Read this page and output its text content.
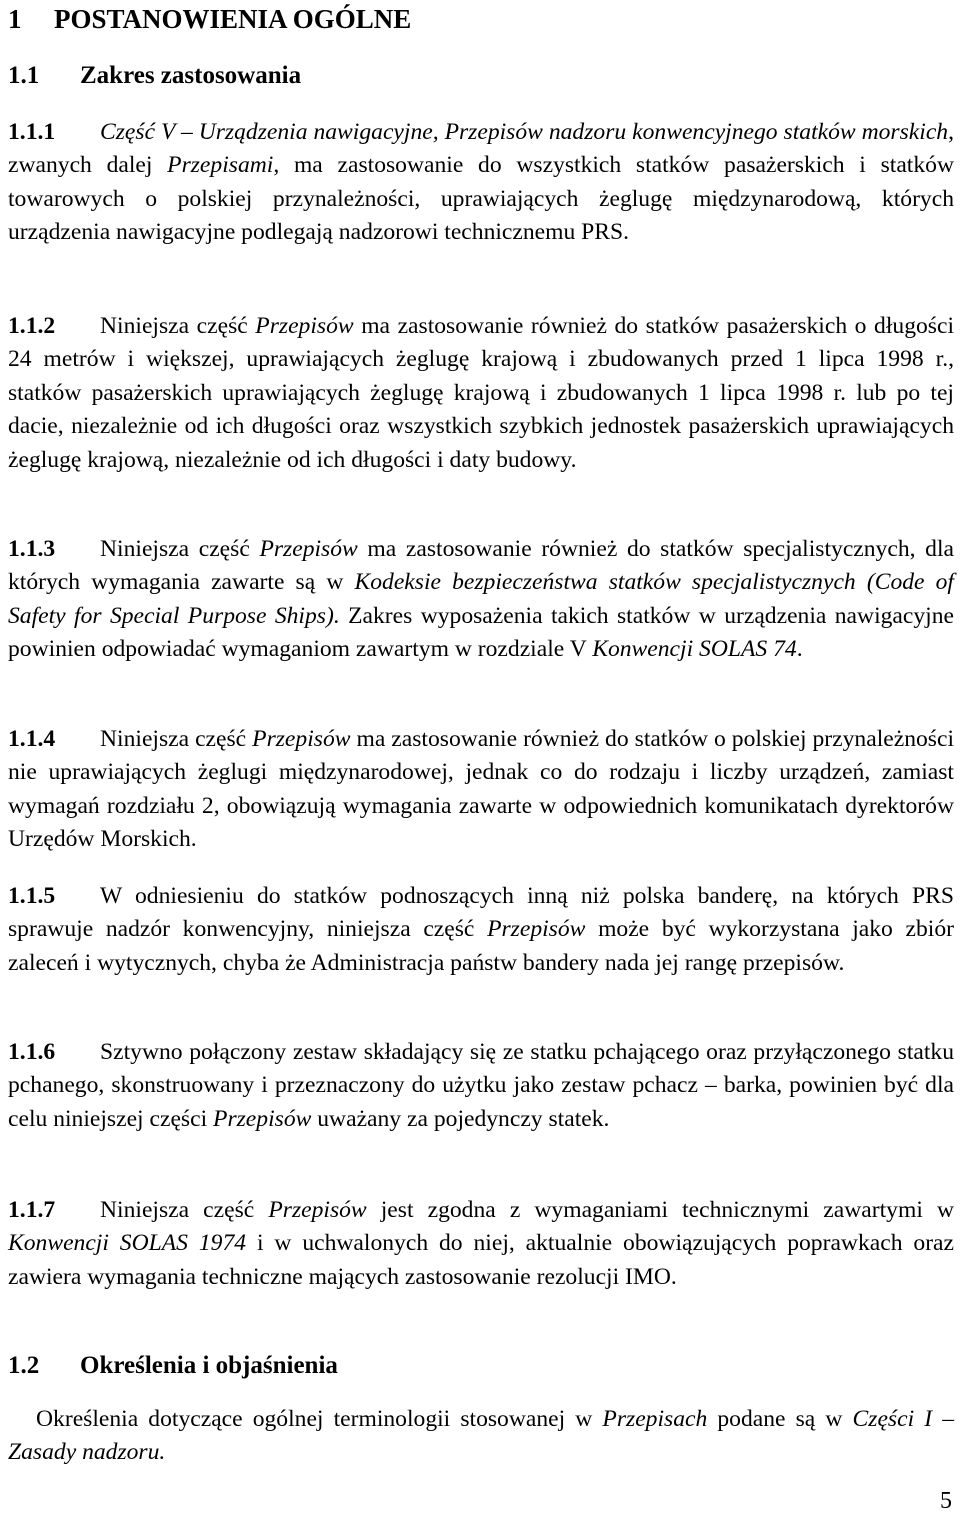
1 POSTANOWIENIA OGÓLNE
1.1 Zakres zastosowania
1.1.1 Część V – Urządzenia nawigacyjne, Przepisów nadzoru konwencyjnego statków morskich, zwanych dalej Przepisami, ma zastosowanie do wszystkich statków pasażerskich i statków towarowych o polskiej przynależności, uprawiających żeglugę międzynarodową, których urządzenia nawigacyjne podlegają nadzorowi technicznemu PRS.
1.1.2 Niniejsza część Przepisów ma zastosowanie również do statków pasażerskich o długości 24 metrów i większej, uprawiających żeglugę krajową i zbudowanych przed 1 lipca 1998 r., statków pasażerskich uprawiających żeglugę krajową i zbudowanych 1 lipca 1998 r. lub po tej dacie, niezależnie od ich długości oraz wszystkich szybkich jednostek pasażerskich uprawiających żeglugę krajową, niezależnie od ich długości i daty budowy.
1.1.3 Niniejsza część Przepisów ma zastosowanie również do statków specjalistycznych, dla których wymagania zawarte są w Kodeksie bezpieczeństwa statków specjalistycznych (Code of Safety for Special Purpose Ships). Zakres wyposażenia takich statków w urządzenia nawigacyjne powinien odpowiadać wymaganiom zawartym w rozdziale V Konwencji SOLAS 74.
1.1.4 Niniejsza część Przepisów ma zastosowanie również do statków o polskiej przynależności nie uprawiających żeglugi międzynarodowej, jednak co do rodzaju i liczby urządzeń, zamiast wymagań rozdziału 2, obowiązują wymagania zawarte w odpowiednich komunikatach dyrektorów Urzędów Morskich.
1.1.5 W odniesieniu do statków podnoszących inną niż polska banderę, na których PRS sprawuje nadzór konwencyjny, niniejsza część Przepisów może być wykorzystana jako zbiór zaleceń i wytycznych, chyba że Administracja państw bandery nada jej rangę przepisów.
1.1.6 Sztywno połączony zestaw składający się ze statku pchającego oraz przyłączonego statku pchanego, skonstruowany i przeznaczony do użytku jako zestaw pchacz – barka, powinien być dla celu niniejszej części Przepisów uważany za pojedynczy statek.
1.1.7 Niniejsza część Przepisów jest zgodna z wymaganiami technicznymi zawartymi w Konwencji SOLAS 1974 i w uchwalonych do niej, aktualnie obowiązujących poprawkach oraz zawiera wymagania techniczne mających zastosowanie rezolucji IMO.
1.2 Określenia i objaśnienia
Określenia dotyczące ogólnej terminologii stosowanej w Przepisach podane są w Części I – Zasady nadzoru.
5
